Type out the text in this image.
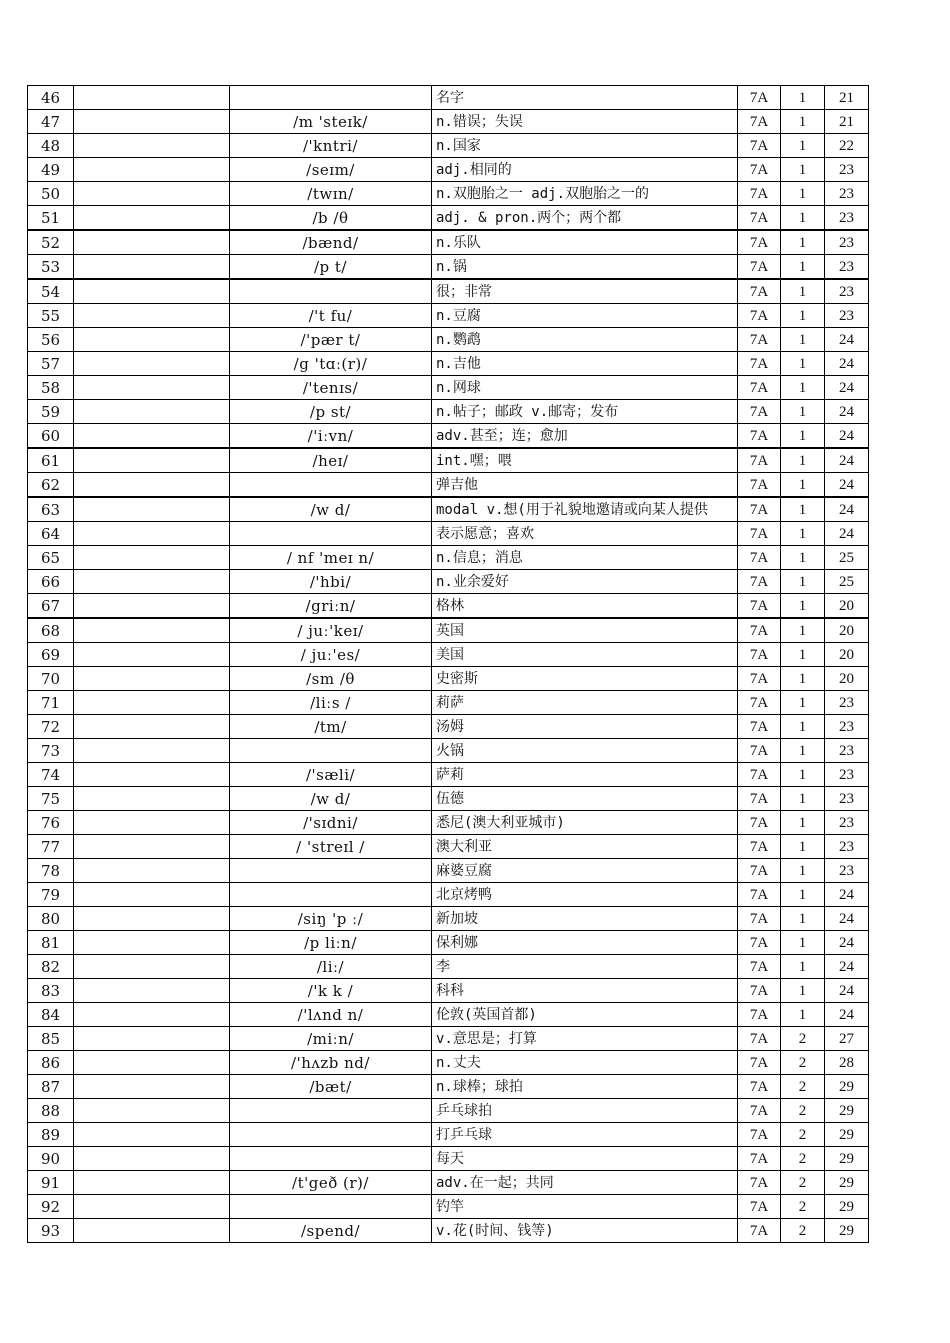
46			名字	7A	1	21
47		/m 'steɪk/	n.错误；失误	7A	1	21
48		/'kntri/	n.国家	7A	1	22
49		/seɪm/	adj.相同的	7A	1	23
50		/twɪn/	n.双胞胎之一 adj.双胞胎之一的	7A	1	23
51		/b /θ	adj. & pron.两个；两个都	7A	1	23
52		/bænd/	n.乐队	7A	1	23
53		/p t/	n.锅	7A	1	23
54			很；非常	7A	1	23
55		/'t fu/	n.豆腐	7A	1	23
56		/'pær t/	n.鹦鹉	7A	1	24
57		/g 'tɑː(r)/	n.吉他	7A	1	24
58		/'tenɪs/	n.网球	7A	1	24
59		/p st/	n.帖子；邮政 v.邮寄；发布	7A	1	24
60		/'iːvn/	adv.甚至；连；愈加	7A	1	24
61		/heɪ/	int.嘿；喂	7A	1	24
62			弹吉他	7A	1	24
63		/w d/	modal v.想(用于礼貌地邀请或向某人提供	7A	1	24
64			表示愿意；喜欢	7A	1	24
65		/ nf 'meɪ n/	n.信息；消息	7A	1	25
66		/'hbi/	n.业余爱好	7A	1	25
67		/griːn/	格林	7A	1	20
68		/ juː'keɪ/	英国	7A	1	20
69		/ juː'es/	美国	7A	1	20
70		/sm /θ	史密斯	7A	1	20
71		/liːs /	莉萨	7A	1	23
72		/tm/	汤姆	7A	1	23
73			火锅	7A	1	23
74		/'sæli/	萨莉	7A	1	23
75		/w d/	伍德	7A	1	23
76		/'sɪdni/	悉尼(澳大利亚城市)	7A	1	23
77		/ 'streɪl /	澳大利亚	7A	1	23
78			麻婆豆腐	7A	1	23
79			北京烤鸭	7A	1	24
80		/siŋ 'p ː/	新加坡	7A	1	24
81		/p liːn/	保利娜	7A	1	24
82		/liː/	李	7A	1	24
83		/'k k /	科科	7A	1	24
84		/'lʌnd n/	伦敦(英国首都)	7A	1	24
85		/miːn/	v.意思是；打算	7A	2	27
86		/'hʌzb nd/	n.丈夫	7A	2	28
87		/bæt/	n.球棒；球拍	7A	2	29
88			乒乓球拍	7A	2	29
89			打乒乓球	7A	2	29
90			每天	7A	2	29
91		/t'geð (r)/	adv.在一起；共同	7A	2	29
92			钓竿	7A	2	29
93		/spend/	v.花(时间、钱等)	7A	2	29
